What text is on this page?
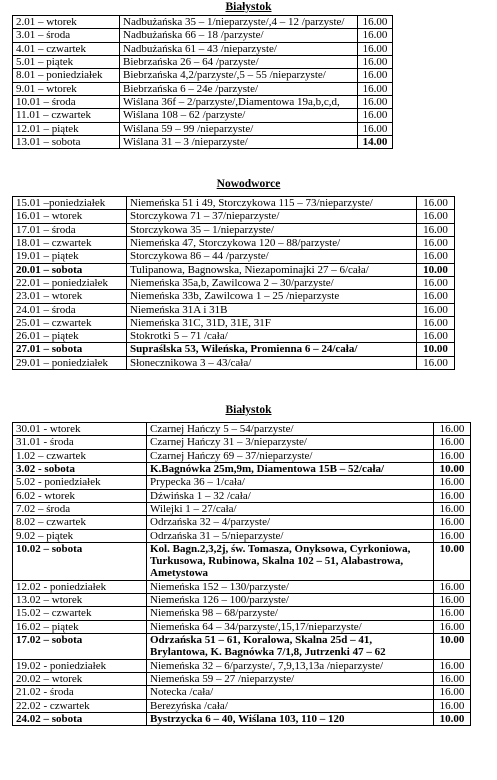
Białystok
2.01 – wtorek	Nadbużańska 35 – 1/nieparzyste/,4 – 12 /parzyste/	16.00
3.01 – środa	Nadbużańska 66 – 18 /parzyste/	16.00
4.01 – czwartek	Nadbużańska 61 – 43 /nieparzyste/	16.00
5.01 – piątek	Biebrzańska 26 – 64 /parzyste/	16.00
8.01 – poniedziałek	Biebrzańska 4,2/parzyste/,5 – 55 /nieparzyste/	16.00
9.01 – wtorek	Biebrzańska 6 – 24e /parzyste/	16.00
10.01 – środa	Wiślana 36f – 2/parzyste/,Diamentowa 19a,b,c,d,	16.00
11.01 – czwartek	Wiślana 108 – 62 /parzyste/	16.00
12.01 – piątek	Wiślana 59 – 99 /nieparzyste/	16.00
13.01 – sobota	Wiślana 31 – 3 /nieparzyste/	14.00
Nowodworce
15.01 –poniedziałek	Niemeńska 51 i 49, Storczykowa 115 – 73/nieparzyste/	16.00
16.01 – wtorek	Storczykowa 71 – 37/nieparzyste/	16.00
17.01 – środa	Storczykowa 35 – 1/nieparzyste/	16.00
18.01 – czwartek	Niemeńska 47, Storczykowa 120 – 88/parzyste/	16.00
19.01 – piątek	Storczykowa 86 – 44 /parzyste/	16.00
20.01 – sobota	Tulipanowa, Bagnowska, Niezapominajki 27 – 6/cała/	10.00
22.01 – poniedziałek	Niemeńska 35a,b, Zawilcowa 2 – 30/parzyste/	16.00
23.01 – wtorek	Niemeńska 33b, Zawilcowa 1 – 25 /nieparzyste	16.00
24.01 – środa	Niemeńska 31A i 31B	16.00
25.01 – czwartek	Niemeńska 31C, 31D, 31E, 31F	16.00
26.01 – piątek	Stokrotki 5 – 71 /cała/	16.00
27.01 – sobota	Supraślska 53, Wileńska, Promienna 6 – 24/cała/	10.00
29.01 – poniedziałek	Słonecznikowa 3 – 43/cała/	16.00
Białystok
30.01 - wtorek	Czarnej Hańczy 5 – 54/parzyste/	16.00
31.01 - środa	Czarnej Hańczy 31 – 3/nieparzyste/	16.00
1.02 – czwartek	Czarnej Hańczy 69 – 37/nieparzyste/	16.00
3.02 - sobota	K.Bagnówka 25m,9m, Diamentowa 15B – 52/cała/	10.00
5.02 - poniedziałek	Prypecka 36 – 1/cała/	16.00
6.02 - wtorek	Dźwińska 1 – 32 /cała/	16.00
7.02 – środa	Wilejki 1 – 27/cała/	16.00
8.02 – czwartek	Odrzańska 32 – 4/parzyste/	16.00
9.02 – piątek	Odrzańska 31 – 5/nieparzyste/	16.00
10.02 – sobota	Kol. Bagn.2,3,2j, św. Tomasza, Onyksowa, Cyrkoniowa, Turkusowa, Rubinowa, Skalna 102 – 51, Alabastrowa, Ametystowa	10.00
12.02 - poniedziałek	Niemeńska 152 – 130/parzyste/	16.00
13.02 – wtorek	Niemeńska 126 – 100/parzyste/	16.00
15.02 – czwartek	Niemeńska 98 – 68/parzyste/	16.00
16.02 – piątek	Niemeńska 64 – 34/parzyste/,15,17/nieparzyste/	16.00
17.02 – sobota	Odrzańska 51 – 61, Koralowa, Skalna 25d – 41, Brylantowa, K. Bagnówka 7/1,8, Jutrzenki 47 – 62	10.00
19.02 - poniedziałek	Niemeńska 32 – 6/parzyste/, 7,9,13,13a /nieparzyste/	16.00
20.02 – wtorek	Niemeńska 59 – 27 /nieparzyste/	16.00
21.02 - środa	Notecka /cała/	16.00
22.02 - czwartek	Berezyńska /cała/	16.00
24.02 – sobota	Bystrzycka 6 – 40, Wiślana 103, 110 – 120	10.00
